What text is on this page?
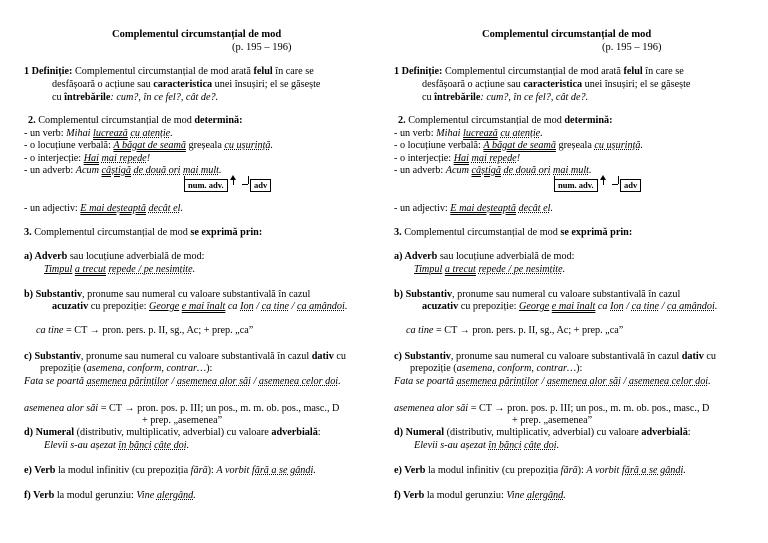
Complementul circumstanțial de mod
(p. 195 – 196)
1 Definiție: Complementul circumstanțial de mod arată felul în care se
desfășoară o acțiune sau caracteristica unei însușiri; el se găsește
cu întrebările: cum?, în ce fel?, cât de?.
2. Complementul circumstanțial de mod determină:
- un verb: Mihai lucrează cu atenție.
- o locuțiune verbală: A băgat de seamă greșeala cu ușurință.
- o interjecție: Hai mai repede!
- un adverb: Acum câștigă de două ori mai mult.
num. adv.	adv
- un adjectiv: E mai deșteaptă decât el.
3. Complementul circumstanțial de mod se exprimă prin:
a) Adverb sau locuțiune adverbială de mod:
Timpul a trecut repede / pe nesimțite.
b) Substantiv, pronume sau numeral cu valoare substantivală în cazul
acuzativ cu prepoziție: George e mai înalt ca Ion / ca tine / ca amândoi.
ca tine = CT → pron. pers. p. II, sg., Ac; + prep. „ca”
c) Substantiv, pronume sau numeral cu valoare substantivală în cazul dativ cu
prepoziție (asemena, conform, contrar…):
Fata se poartă asemenea părinților / asemenea alor săi / asemenea celor doi.
asemenea alor săi = CT → pron. pos. p. III; un pos., m. m. ob. pos., masc., D
+ prep. „asemenea”
d) Numeral (distributiv, multiplicativ, adverbial) cu valoare adverbială:
Elevii s-au așezat în bănci câte doi.
e) Verb la modul infinitiv (cu prepoziția fără): A vorbit fără a se gândi.
f) Verb la modul gerunziu: Vine alergând.
Complementul circumstanțial de mod
(p. 195 – 196)
1 Definiție: Complementul circumstanțial de mod arată felul în care se
desfășoară o acțiune sau caracteristica unei însușiri; el se găsește
cu întrebările: cum?, în ce fel?, cât de?.
2. Complementul circumstanțial de mod determină:
- un verb: Mihai lucrează cu atenție.
- o locuțiune verbală: A băgat de seamă greșeala cu ușurință.
- o interjecție: Hai mai repede!
- un adverb: Acum câștigă de două ori mai mult.
num. adv.	adv
- un adjectiv: E mai deșteaptă decât el.
3. Complementul circumstanțial de mod se exprimă prin:
a) Adverb sau locuțiune adverbială de mod:
Timpul a trecut repede / pe nesimțite.
b) Substantiv, pronume sau numeral cu valoare substantivală în cazul
acuzativ cu prepoziție: George e mai înalt ca Ion / ca tine / ca amândoi.
ca tine = CT → pron. pers. p. II, sg., Ac; + prep. „ca”
c) Substantiv, pronume sau numeral cu valoare substantivală în cazul dativ cu
prepoziție (asemena, conform, contrar…):
Fata se poartă asemenea părinților / asemenea alor săi / asemenea celor doi.
asemenea alor săi = CT → pron. pos. p. III; un pos., m. m. ob. pos., masc., D
+ prep. „asemenea”
d) Numeral (distributiv, multiplicativ, adverbial) cu valoare adverbială:
Elevii s-au așezat în bănci câte doi.
e) Verb la modul infinitiv (cu prepoziția fără): A vorbit fără a se gândi.
f) Verb la modul gerunziu: Vine alergând.
